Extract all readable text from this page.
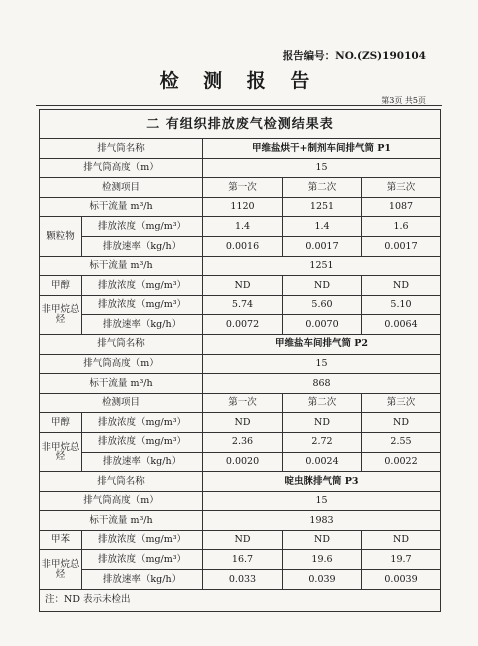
报告编号：NO.(ZS)190104
检 测 报 告
第3页 共5页
二 有组织排放废气检测结果表				
排气筒名称		甲维盐烘干+制剂车间排气筒 P1		
排气筒高度（m）		15		
检测项目		第一次	第二次	第三次
标干流量 m³/h		1120	1251	1087
颗粒物	排放浓度（mg/m³）	1.4	1.4	1.6
	排放速率（kg/h）	0.0016	0.0017	0.0017
标干流量 m³/h		1251		
甲醇	排放浓度（mg/m³）	ND	ND	ND
非甲烷总烃	排放浓度（mg/m³）	5.74	5.60	5.10
	排放速率（kg/h）	0.0072	0.0070	0.0064
排气筒名称		甲维盐车间排气筒 P2		
排气筒高度（m）		15		
标干流量 m³/h		868		
检测项目		第一次	第二次	第三次
甲醇	排放浓度（mg/m³）	ND	ND	ND
非甲烷总烃	排放浓度（mg/m³）	2.36	2.72	2.55
	排放速率（kg/h）	0.0020	0.0024	0.0022
排气筒名称		啶虫脒排气筒 P3		
排气筒高度（m）		15		
标干流量 m³/h		1983		
甲苯	排放浓度（mg/m³）	ND	ND	ND
非甲烷总烃	排放浓度（mg/m³）	16.7	19.6	19.7
	排放速率（kg/h）	0.033	0.039	0.0039
注：ND 表示未检出				
